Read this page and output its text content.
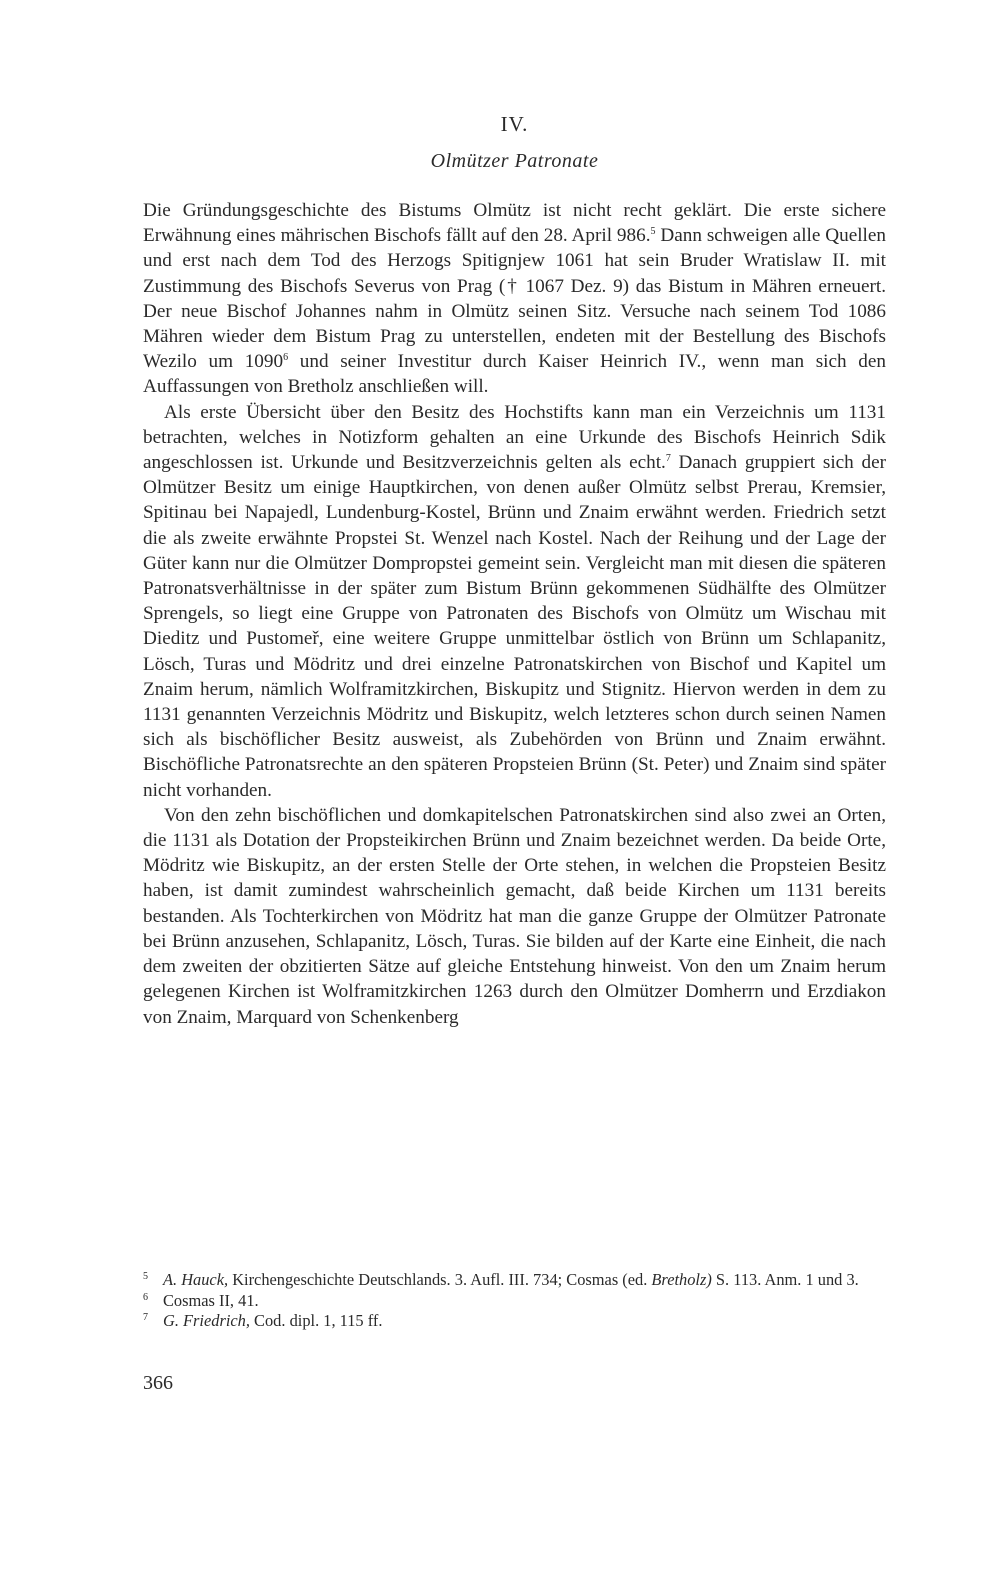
IV.
Olmützer Patronate

Die Gründungsgeschichte des Bistums Olmütz ist nicht recht geklärt. Die erste sichere Erwähnung eines mährischen Bischofs fällt auf den 28. April 986.$^5$ Dann schweigen alle Quellen und erst nach dem Tod des Herzogs Spitignjew 1061 hat sein Bruder Wratislaw II. mit Zustimmung des Bischofs Severus von Prag († 1067 Dez. 9) das Bistum in Mähren erneuert. Der neue Bischof Johannes nahm in Olmütz seinen Sitz. Versuche nach seinem Tod 1086 Mähren wieder dem Bistum Prag zu unterstellen, endeten mit der Bestellung des Bischofs Wezilo um 1090$^6$ und seiner Investitur durch Kaiser Heinrich IV., wenn man sich den Auffassungen von Bretholz anschließen will.

Als erste Übersicht über den Besitz des Hochstifts kann man ein Verzeichnis um 1131 betrachten, welches in Notizform gehalten an eine Urkunde des Bischofs Heinrich Sdik angeschlossen ist. Urkunde und Besitzverzeichnis gelten als echt.$^7$ Danach gruppiert sich der Olmützer Besitz um einige Hauptkirchen, von denen außer Olmütz selbst Prerau, Kremsier, Spitinau bei Napajedl, Lundenburg-Kostel, Brünn und Znaim erwähnt werden. Friedrich setzt die als zweite erwähnte Propstei St. Wenzel nach Kostel. Nach der Reihung und der Lage der Güter kann nur die Olmützer Dompropstei gemeint sein. Vergleicht man mit diesen die späteren Patronatsverhältnisse in der später zum Bistum Brünn gekommenen Südhälfte des Olmützer Sprengels, so liegt eine Gruppe von Patronaten des Bischofs von Olmütz um Wischau mit Dieditz und Pustomeř, eine weitere Gruppe unmittelbar östlich von Brünn um Schlapanitz, Lösch, Turas und Mödritz und drei einzelne Patronatskirchen von Bischof und Kapitel um Znaim herum, nämlich Wolframitzkirchen, Biskupitz und Stignitz. Hiervon werden in dem zu 1131 genannten Verzeichnis Mödritz und Biskupitz, welch letzteres schon durch seinen Namen sich als bischöflicher Besitz ausweist, als Zubehörden von Brünn und Znaim erwähnt. Bischöfliche Patronatsrechte an den späteren Propsteien Brünn (St. Peter) und Znaim sind später nicht vorhanden.

Von den zehn bischöflichen und domkapitelschen Patronatskirchen sind also zwei an Orten, die 1131 als Dotation der Propsteikirchen Brünn und Znaim bezeichnet werden. Da beide Orte, Mödritz wie Biskupitz, an der ersten Stelle der Orte stehen, in welchen die Propsteien Besitz haben, ist damit zumindest wahrscheinlich gemacht, daß beide Kirchen um 1131 bereits bestanden. Als Tochterkirchen von Mödritz hat man die ganze Gruppe der Olmützer Patronate bei Brünn anzusehen, Schlapanitz, Lösch, Turas. Sie bilden auf der Karte eine Einheit, die nach dem zweiten der obzitierten Sätze auf gleiche Entstehung hinweist. Von den um Znaim herum gelegenen Kirchen ist Wolframitzkirchen 1263 durch den Olmützer Domherrn und Erzdiakon von Znaim, Marquard von Schenkenberg

5 A. Hauck, Kirchengeschichte Deutschlands. 3. Aufl. III. 734; Cosmas (ed. Bretholz) S. 113. Anm. 1 und 3.

6 Cosmas II, 41.

7 G. Friedrich, Cod. dipl. 1, 115 ff.

366
